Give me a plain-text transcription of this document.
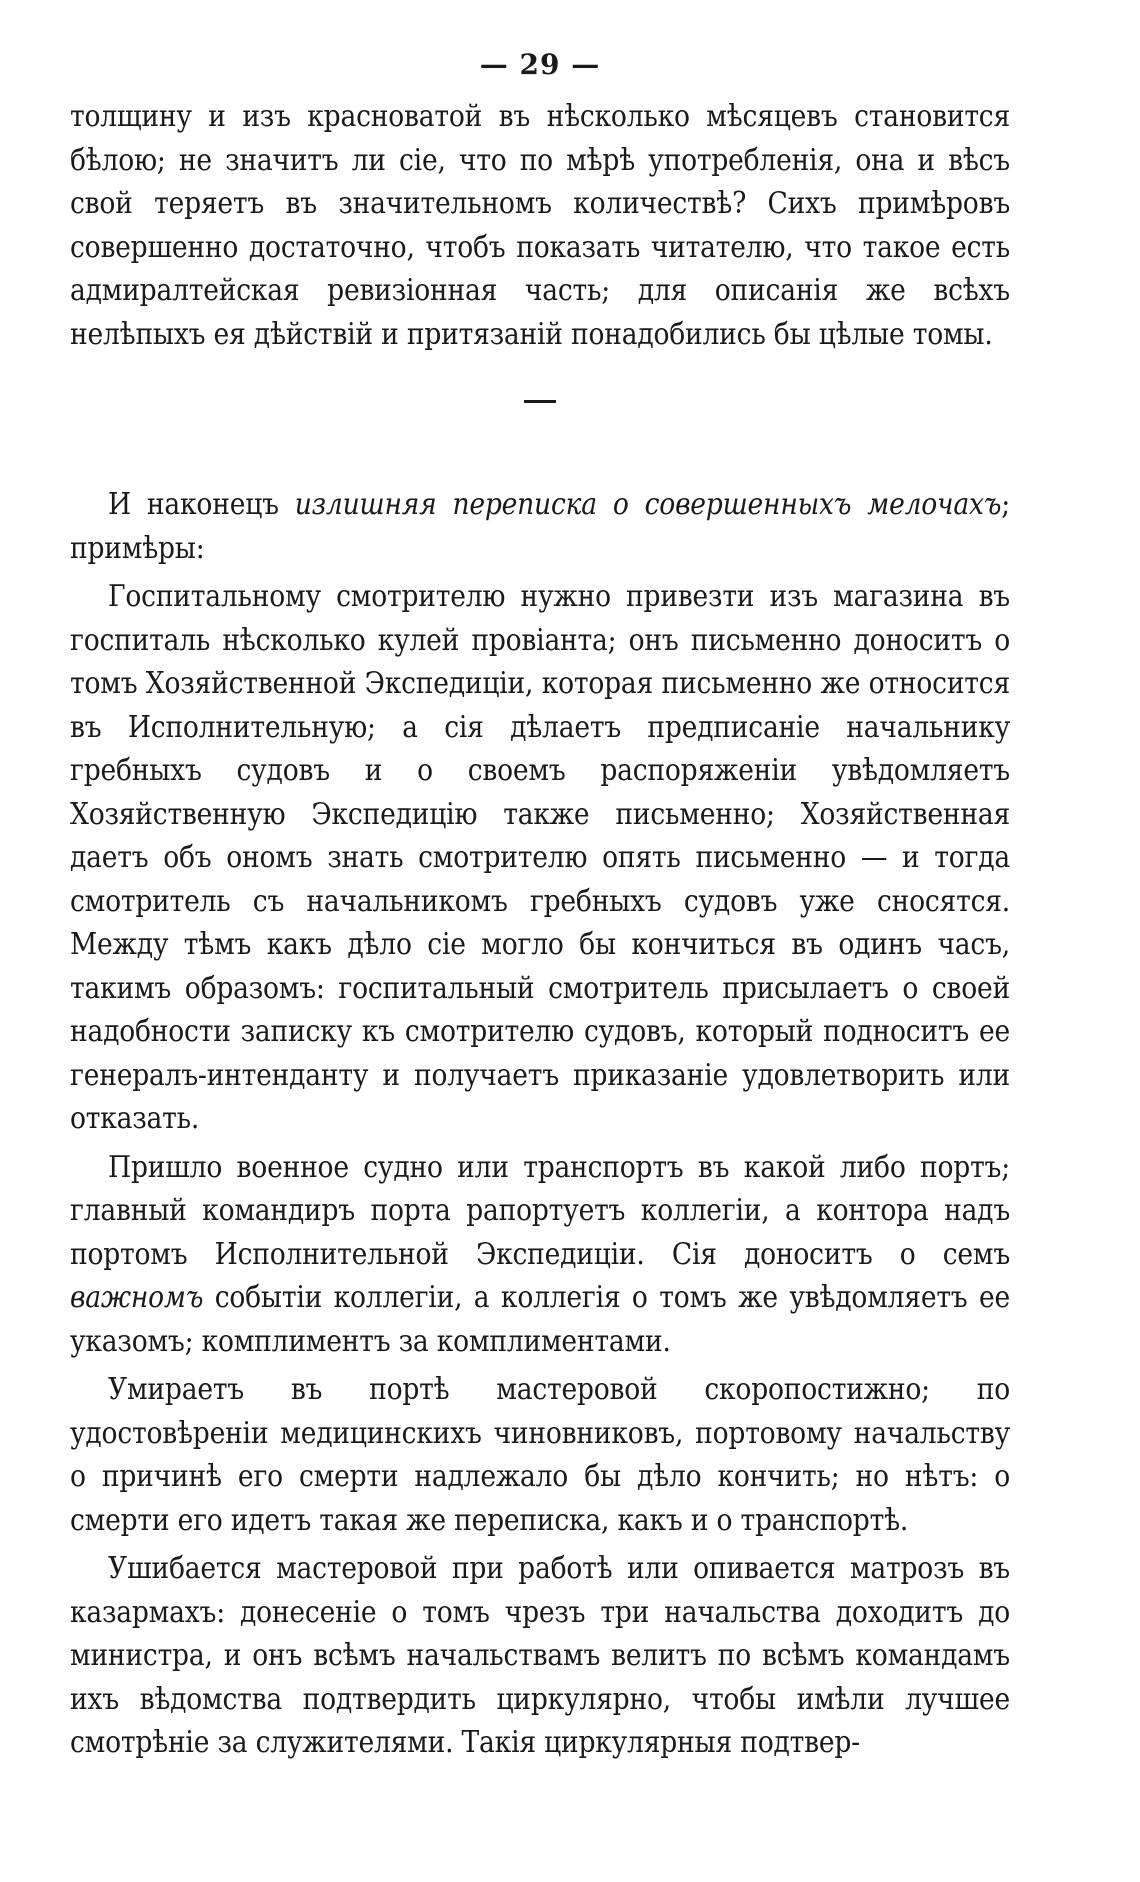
— 29 —

толщину и изъ красноватой въ нѣсколько мѣсяцевъ становится бѣлою; не значитъ ли сіе, что по мѣрѣ употребленія, она и вѣсъ свой теряетъ въ значительномъ количествѣ? Сихъ примѣровъ совершенно достаточно, чтобъ показать читателю, что такое есть адмиралтейская ревизіонная часть; для описанія же всѣхъ нелѣпыхъ ея дѣйствій и притязаній понадобились бы цѣлые томы.

И наконецъ излишняя переписка о совершенныхъ мелочахъ; примѣры:

Госпитальному смотрителю нужно привезти изъ магазина въ госпиталь нѣсколько кулей провіанта; онъ письменно доноситъ о томъ Хозяйственной Экспедиціи, которая письменно же относится въ Исполнительную; а сія дѣлаетъ предписаніе начальнику гребныхъ судовъ и о своемъ распоряженіи увѣдомляетъ Хозяйственную Экспедицію также письменно; Хозяйственная даетъ объ ономъ знать смотрителю опять письменно — и тогда смотритель съ начальникомъ гребныхъ судовъ уже сносятся. Между тѣмъ какъ дѣло сіе могло бы кончиться въ одинъ часъ, такимъ образомъ: госпитальный смотритель присылаетъ о своей надобности записку къ смотрителю судовъ, который подноситъ ее генералъ-интенданту и получаетъ приказаніе удовлетворить или отказать.

Пришло военное судно или транспортъ въ какой либо портъ; главный командиръ порта рапортуетъ коллегіи, а контора надъ портомъ Исполнительной Экспедиціи. Сія доноситъ о семъ важномъ событіи коллегіи, а коллегія о томъ же увѣдомляетъ ее указомъ; комплиментъ за комплиментами.

Умираетъ въ портѣ мастеровой скоропостижно; по удостовѣреніи медицинскихъ чиновниковъ, портовому начальству о причинѣ его смерти надлежало бы дѣло кончить; но нѣтъ: о смерти его идетъ такая же переписка, какъ и о транспортѣ.

Ушибается мастеровой при работѣ или опивается матрозъ въ казармахъ: донесеніе о томъ чрезъ три начальства доходитъ до министра, и онъ всѣмъ начальствамъ велитъ по всѣмъ командамъ ихъ вѣдомства подтвердить циркулярно, чтобы имѣли лучшее смотрѣніе за служителями. Такія циркулярныя подтвер-
